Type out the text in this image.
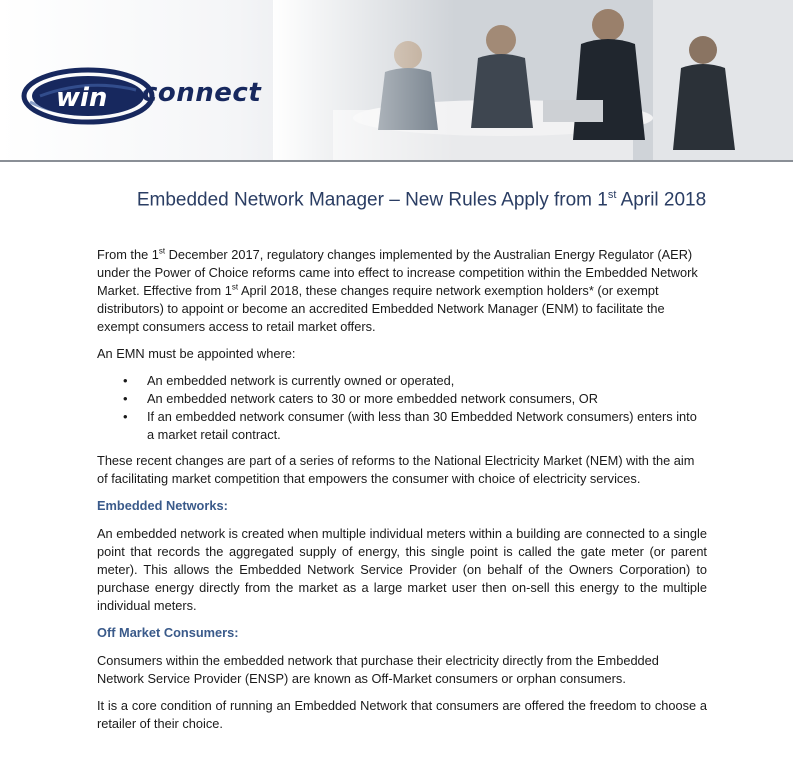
win connect
Embedded Network Manager – New Rules Apply from 1st April 2018

From the 1st December 2017, regulatory changes implemented by the Australian Energy Regulator (AER) under the Power of Choice reforms came into effect to increase competition within the Embedded Network Market. Effective from 1st April 2018, these changes require network exemption holders* (or exempt distributors) to appoint or become an accredited Embedded Network Manager (ENM) to facilitate the exempt consumers access to retail market offers.

An EMN must be appointed where:

• An embedded network is currently owned or operated,
• An embedded network caters to 30 or more embedded network consumers, OR
• If an embedded network consumer (with less than 30 Embedded Network consumers) enters into a market retail contract.

These recent changes are part of a series of reforms to the National Electricity Market (NEM) with the aim of facilitating market competition that empowers the consumer with choice of electricity services.

Embedded Networks:

An embedded network is created when multiple individual meters within a building are connected to a single point that records the aggregated supply of energy, this single point is called the gate meter (or parent meter). This allows the Embedded Network Service Provider (on behalf of the Owners Corporation) to purchase energy directly from the market as a large market user then on-sell this energy to the multiple individual meters.

Off Market Consumers:

Consumers within the embedded network that purchase their electricity directly from the Embedded Network Service Provider (ENSP) are known as Off-Market consumers or orphan consumers.

It is a core condition of running an Embedded Network that consumers are offered the freedom to choose a retailer of their choice.
